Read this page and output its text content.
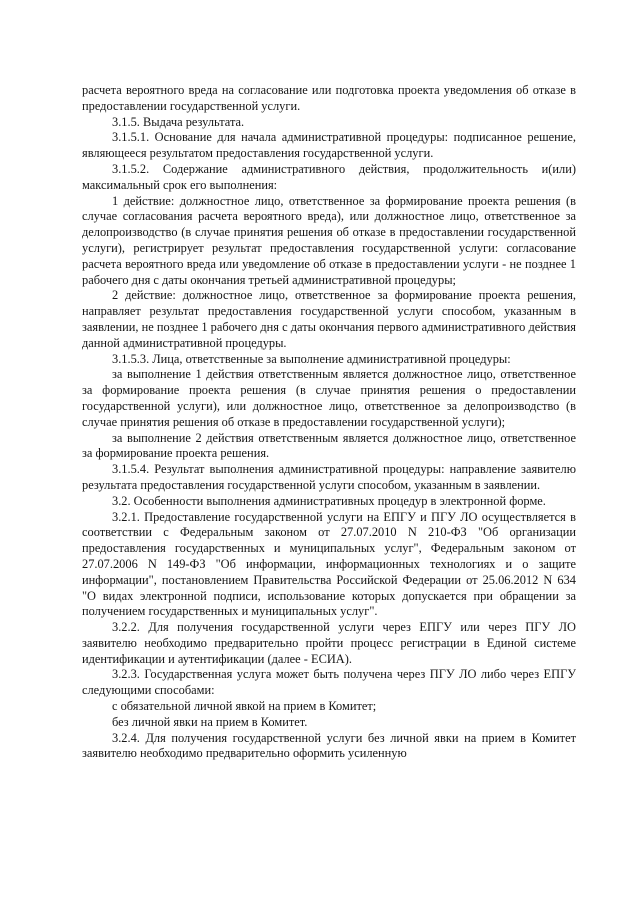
расчета вероятного вреда на согласование или подготовка проекта уведомления об отказе в предоставлении государственной услуги.

3.1.5. Выдача результата.

3.1.5.1. Основание для начала административной процедуры: подписанное решение, являющееся результатом предоставления государственной услуги.

3.1.5.2. Содержание административного действия, продолжительность и(или) максимальный срок его выполнения:

1 действие: должностное лицо, ответственное за формирование проекта решения (в случае согласования расчета вероятного вреда), или должностное лицо, ответственное за делопроизводство (в случае принятия решения об отказе в предоставлении государственной услуги), регистрирует результат предоставления государственной услуги: согласование расчета вероятного вреда или уведомление об отказе в предоставлении услуги - не позднее 1 рабочего дня с даты окончания третьей административной процедуры;

2 действие: должностное лицо, ответственное за формирование проекта решения, направляет результат предоставления государственной услуги способом, указанным в заявлении, не позднее 1 рабочего дня с даты окончания первого административного действия данной административной процедуры.

3.1.5.3. Лица, ответственные за выполнение административной процедуры:

за выполнение 1 действия ответственным является должностное лицо, ответственное за формирование проекта решения (в случае принятия решения о предоставлении государственной услуги), или должностное лицо, ответственное за делопроизводство (в случае принятия решения об отказе в предоставлении государственной услуги);

за выполнение 2 действия ответственным является должностное лицо, ответственное за формирование проекта решения.

3.1.5.4. Результат выполнения административной процедуры: направление заявителю результата предоставления государственной услуги способом, указанным в заявлении.

3.2. Особенности выполнения административных процедур в электронной форме.

3.2.1. Предоставление государственной услуги на ЕПГУ и ПГУ ЛО осуществляется в соответствии с Федеральным законом от 27.07.2010 N 210-ФЗ "Об организации предоставления государственных и муниципальных услуг", Федеральным законом от 27.07.2006 N 149-ФЗ "Об информации, информационных технологиях и о защите информации", постановлением Правительства Российской Федерации от 25.06.2012 N 634 "О видах электронной подписи, использование которых допускается при обращении за получением государственных и муниципальных услуг".

3.2.2. Для получения государственной услуги через ЕПГУ или через ПГУ ЛО заявителю необходимо предварительно пройти процесс регистрации в Единой системе идентификации и аутентификации (далее - ЕСИА).

3.2.3. Государственная услуга может быть получена через ПГУ ЛО либо через ЕПГУ следующими способами:

с обязательной личной явкой на прием в Комитет;

без личной явки на прием в Комитет.

3.2.4. Для получения государственной услуги без личной явки на прием в Комитет заявителю необходимо предварительно оформить усиленную
